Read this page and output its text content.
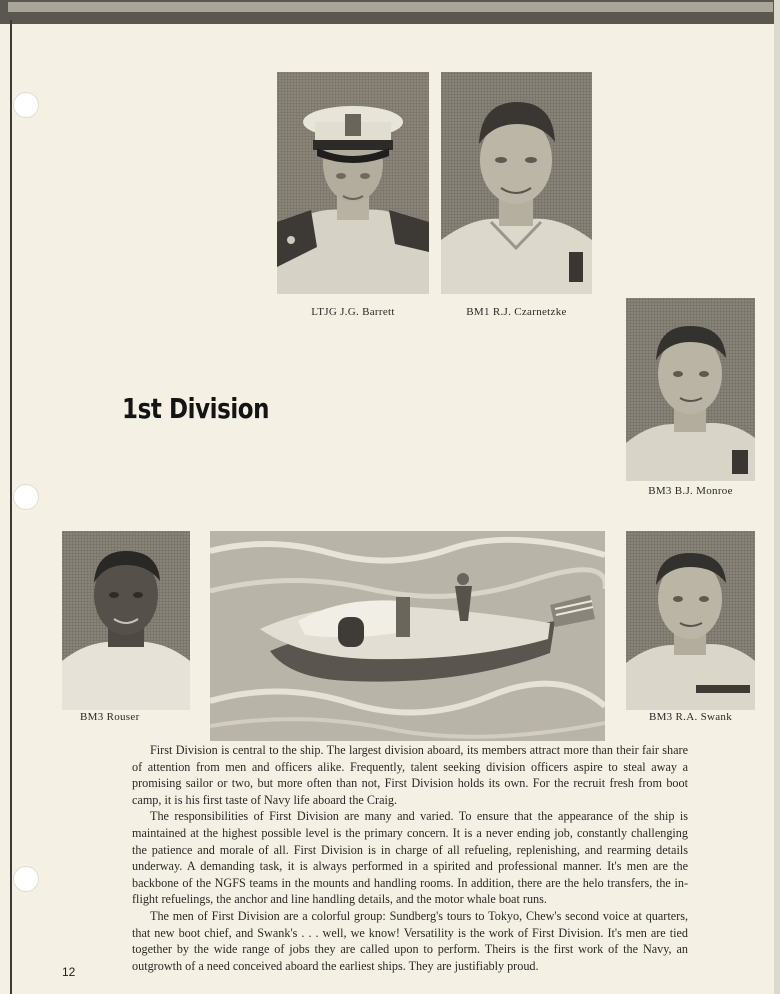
LTJG J.G. Barrett	BM1 R.J. Czarnetzke
1st Division
BM3 B.J. Monroe
BM3 Rouser	BM3 R.A. Swank

First Division is central to the ship. The largest division aboard, its members attract more than their fair share of attention from men and officers alike. Frequently, talent seeking division officers aspire to steal away a promising sailor or two, but more often than not, First Division holds its own. For the recruit fresh from boot camp, it is his first taste of Navy life aboard the Craig.

The responsibilities of First Division are many and varied. To ensure that the appearance of the ship is maintained at the highest possible level is the primary concern. It is a never ending job, constantly challenging the patience and morale of all. First Division is in charge of all refueling, replenishing, and rearming details underway. A demanding task, it is always performed in a spirited and professional manner. It's men are the backbone of the NGFS teams in the mounts and handling rooms. In addition, there are the helo transfers, the in-flight refuelings, the anchor and line handling details, and the motor whale boat runs.

The men of First Division are a colorful group: Sundberg's tours to Tokyo, Chew's second voice at quarters, that new boot chief, and Swank's . . . well, we know! Versatility is the work of First Division. It's men are tied together by the wide range of jobs they are called upon to perform. Theirs is the first work of the Navy, an outgrowth of a need conceived aboard the earliest ships. They are justifiably proud.

12
